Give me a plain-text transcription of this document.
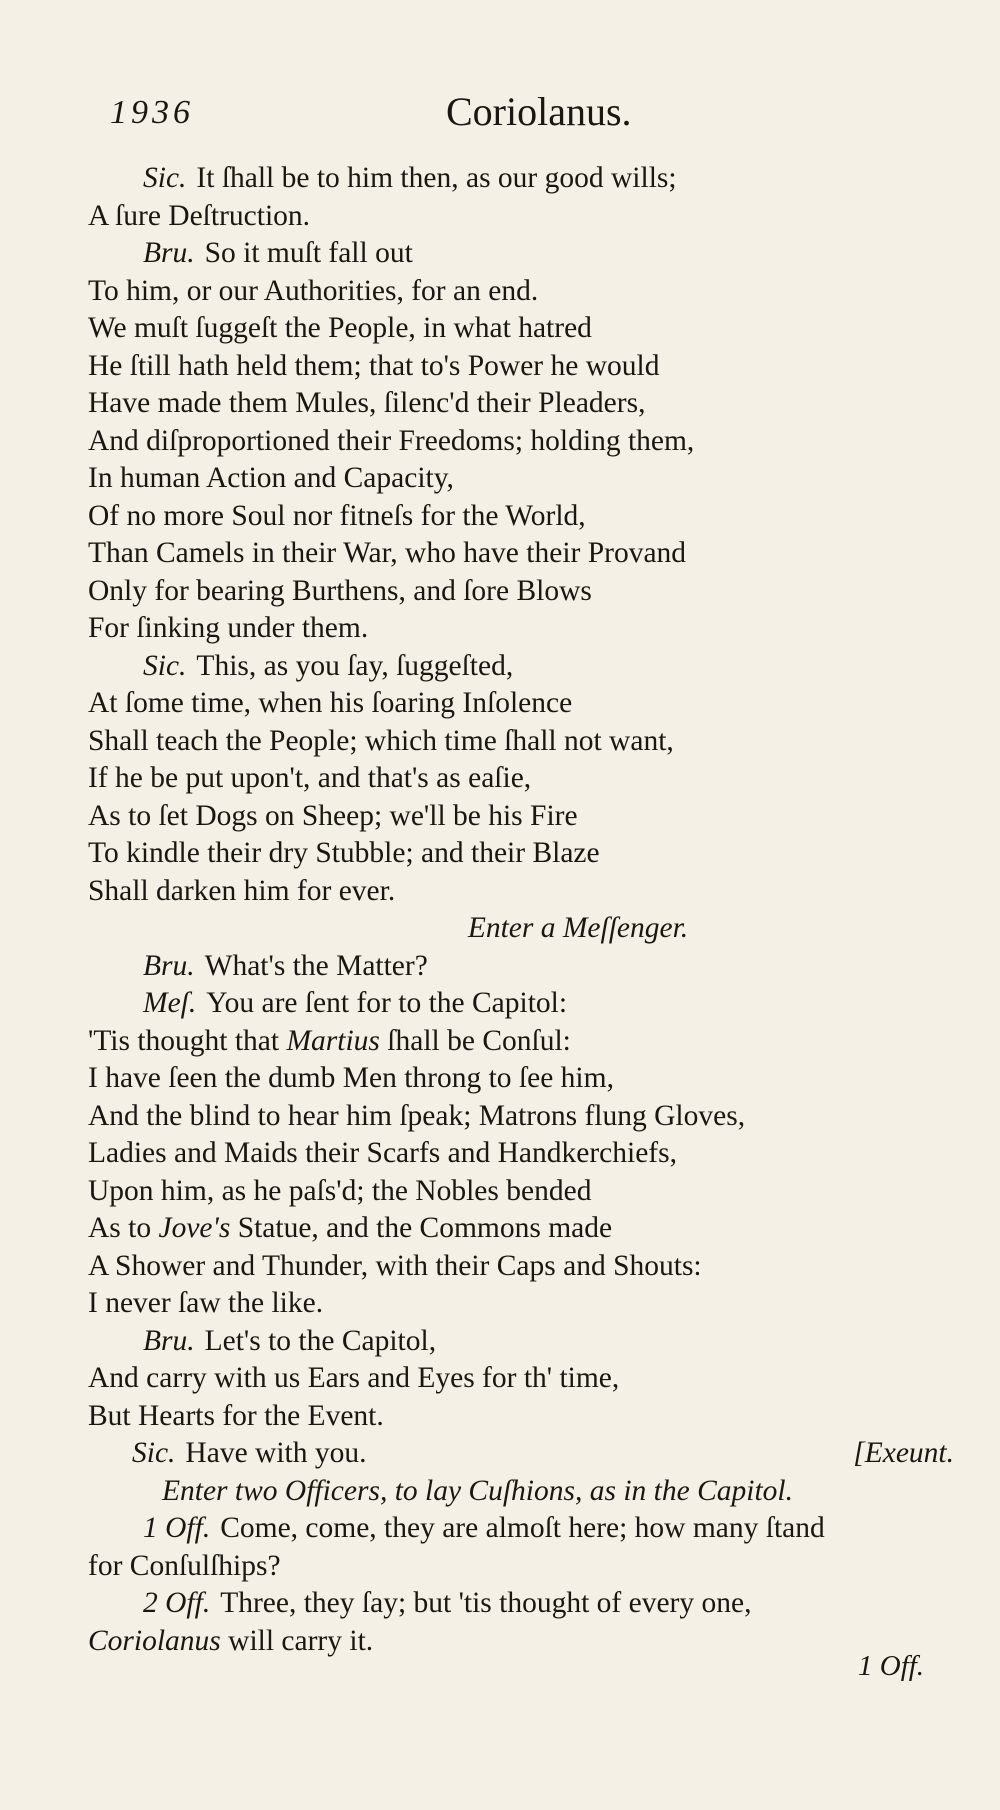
1936	Coriolanus.
Sic. It ſhall be to him then, as our good wills;
A ſure Deſtruction.
Bru. So it muſt fall out
To him, or our Authorities, for an end.
We muſt ſuggeſt the People, in what hatred
He ſtill hath held them; that to's Power he would
Have made them Mules, ſilenc'd their Pleaders,
And diſproportioned their Freedoms; holding them,
In human Action and Capacity,
Of no more Soul nor fitneſs for the World,
Than Camels in their War, who have their Provand
Only for bearing Burthens, and ſore Blows
For ſinking under them.
Sic. This, as you ſay, ſuggeſted,
At ſome time, when his ſoaring Inſolence
Shall teach the People; which time ſhall not want,
If he be put upon't, and that's as eaſie,
As to ſet Dogs on Sheep; we'll be his Fire
To kindle their dry Stubble; and their Blaze
Shall darken him for ever.
Enter a Meſſenger.
Bru. What's the Matter?
Meſ. You are ſent for to the Capitol:
'Tis thought that Martius ſhall be Conſul:
I have ſeen the dumb Men throng to ſee him,
And the blind to hear him ſpeak; Matrons flung Gloves,
Ladies and Maids their Scarfs and Handkerchiefs,
Upon him, as he paſs'd; the Nobles bended
As to Jove's Statue, and the Commons made
A Shower and Thunder, with their Caps and Shouts:
I never ſaw the like.
Bru. Let's to the Capitol,
And carry with us Ears and Eyes for th' time,
But Hearts for the Event.
Sic. Have with you.	[Exeunt.
Enter two Officers, to lay Cuſhions, as in the Capitol.
1 Off. Come, come, they are almoſt here; how many ſtand
for Conſulſhips?
2 Off. Three, they ſay; but 'tis thought of every one,
Coriolanus will carry it.
1 Off.
